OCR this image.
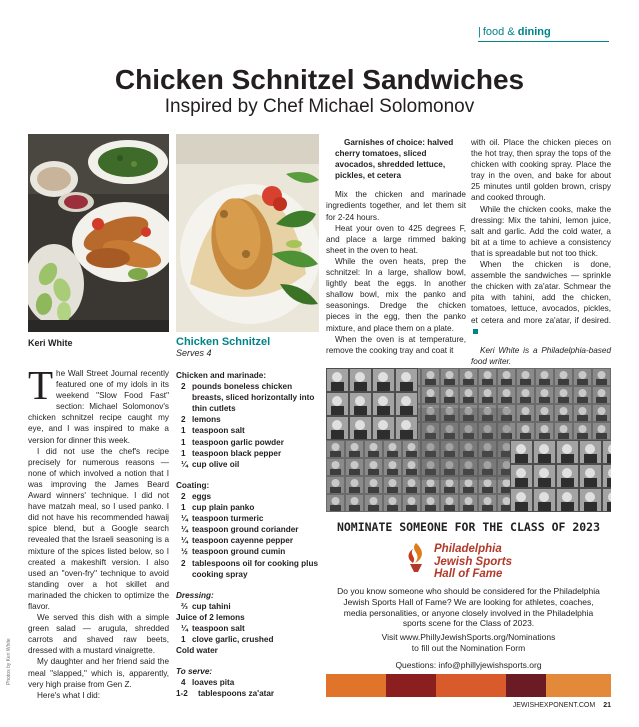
| food & dining
Chicken Schnitzel Sandwiches
Inspired by Chef Michael Solomonov
Keri White	Chicken Schnitzel
Serves 4

The Wall Street Journal recently featured one of my idols in its weekend "Slow Food Fast" section: Michael Solomonov's chicken schnitzel recipe caught my eye, and I was inspired to make a version for dinner this week.

I did not use the chef's recipe precisely for numerous reasons — none of which involved a notion that I was improving the James Beard Award winners' technique. I did not have matzah meal, so I used panko. I did not have his recommended hawaij spice blend, but a Google search revealed that the Israeli seasoning is a mixture of the spices listed below, so I created a makeshift version. I also used an "oven-fry" technique to avoid standing over a hot skillet and marinaded the chicken to optimize the flavor.

We served this dish with a simple green salad — arugula, shredded carrots and shaved raw beets, dressed with a mustard vinaigrette.

My daughter and her friend said the meal "slapped," which is, apparently, very high praise from Gen Z.

Here's what I did:

Photos by Keri White
Chicken and marinade:
2 pounds boneless chicken breasts, sliced horizontally into thin cutlets
2 lemons
1 teaspoon salt
1 teaspoon garlic powder
1 teaspoon black pepper
¼ cup olive oil
Coating:
2 eggs
1 cup plain panko
¼ teaspoon turmeric
¼ teaspoon ground coriander
¼ teaspoon cayenne pepper
½ teaspoon ground cumin
2 tablespoons oil for cooking plus cooking spray
Dressing:
⅔ cup tahini
Juice of 2 lemons
¼ teaspoon salt
1 clove garlic, crushed
Cold water
To serve:
4 loaves pita
1-2	tablespoons za'atar

Garnishes of choice: halved cherry tomatoes, sliced avocados, shredded lettuce, pickles, et cetera

Mix the chicken and marinade ingredients together, and let them sit for 2-24 hours.

Heat your oven to 425 degrees F, and place a large rimmed baking sheet in the oven to heat.

While the oven heats, prep the schnitzel: In a large, shallow bowl, lightly beat the eggs. In another shallow bowl, mix the panko and seasonings. Dredge the chicken pieces in the egg, then the panko mixture, and place them on a plate.

When the oven is at temperature, remove the cooking tray and coat it

with oil. Place the chicken pieces on the hot tray, then spray the tops of the chicken with cooking spray. Place the tray in the oven, and bake for about 25 minutes until golden brown, crispy and cooked through.

While the chicken cooks, make the dressing: Mix the tahini, lemon juice, salt and garlic. Add the cold water, a bit at a time to achieve a consistency that is spreadable but not too thick.

When the chicken is done, assemble the sandwiches — sprinkle the chicken with za'atar. Schmear the pita with tahini, add the chicken, tomatoes, lettuce, avocados, pickles, et cetera and more za'atar, if desired.

Keri White is a Philadelphia-based food writer.

NOMINATE SOMEONE FOR THE CLASS OF 2023
Philadelphia
Jewish Sports
Hall of Fame
Do you know someone who should be considered for the Philadelphia Jewish Sports Hall of Fame? We are looking for athletes, coaches, media personalities, or anyone closely involved in the Philadelphia sports scene for the Class of 2023.
Visit www.PhillyJewishSports.org/Nominations
to fill out the Nomination Form
Questions: info@phillyjewishsports.org
JEWISHEXPONENT.COM 21
